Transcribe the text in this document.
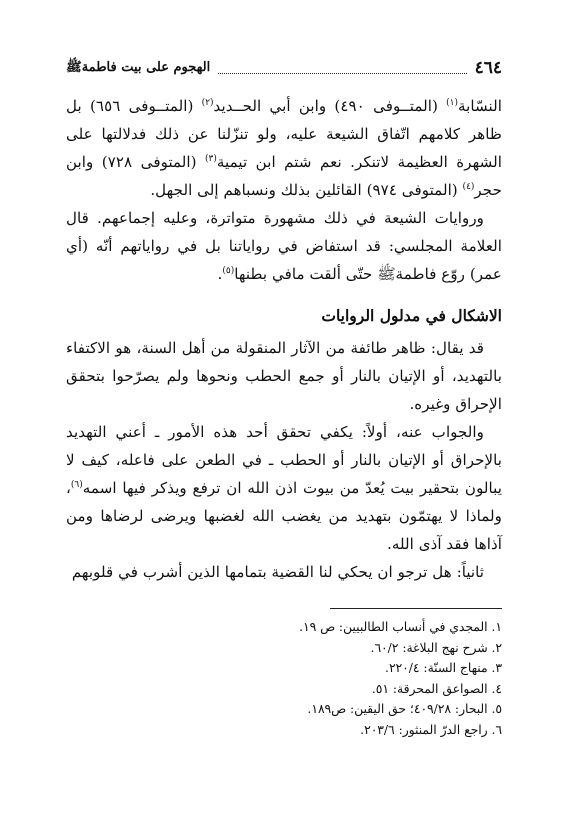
٤٦٤
الهجوم على بيت فاطمةﷺ

النسّابة$^{(١)}$ (المتــوفى ٤٩٠) وابن أبي الحــديد$^{(٢)}$ (المتــوفى ٦٥٦) بل ظاهر كلامهم اتّفاق الشيعة عليه، ولو تنزّلنا عن ذلك فدلالتها على الشهرة العظيمة لاتنكر. نعم شتم ابن تيمية$^{(٣)}$ (المتوفى ٧٢٨) وابن حجر$^{(٤)}$ (المتوفى ٩٧٤) القائلين بذلك ونسباهم إلى الجهل.

وروايات الشيعة في ذلك مشهورة متواترة، وعلیه إجماعهم. قال العلامة المجلسي: قد استفاض في رواياتنا بل في رواياتهم أنّه (أي عمر) روّع فاطمةﷺ حتّى ألقت مافي بطنها$^{(٥)}$.

الاشكال في مدلول الروايات

قد يقال: ظاهر طائفة من الآثار المنقولة من أهل السنة، هو الاكتفاء بالتهديد، أو الإتيان بالنار أو جمع الحطب ونحوها ولم يصرّحوا بتحقق الإحراق وغيره.

والجواب عنه، أولاً: يكفي تحقق أحد هذه الأمور ـ أعني التهديد بالإحراق أو الإتيان بالنار أو الحطب ـ في الطعن على فاعله، كيف لا يبالون بتحقير بيت يُعدّ من بيوت اذن الله ان ترفع ويذكر فيها اسمه$^{(٦)}$، ولماذا لا يهتمّون بتهديد من يغضب الله لغضبها ويرضى لرضاها ومن آذاها فقد آذى الله.

ثانياً: هل ترجو ان يحكي لنا القضية بتمامها الذين أشرب في قلوبهم

١. المجدي في أنساب الطالبيين: ص ١٩.
٢. شرح نهج البلاغة: ٦٠/٢.
٣. منهاج السنّة: ٢٢٠/٤.
٤. الصواعق المحرقة: ٥١.
٥. البحار: ٤٠٩/٢٨؛ حق اليقين: ص١٨٩.
٦. راجع الدرّ المنثور: ٢٠٣/٦.
